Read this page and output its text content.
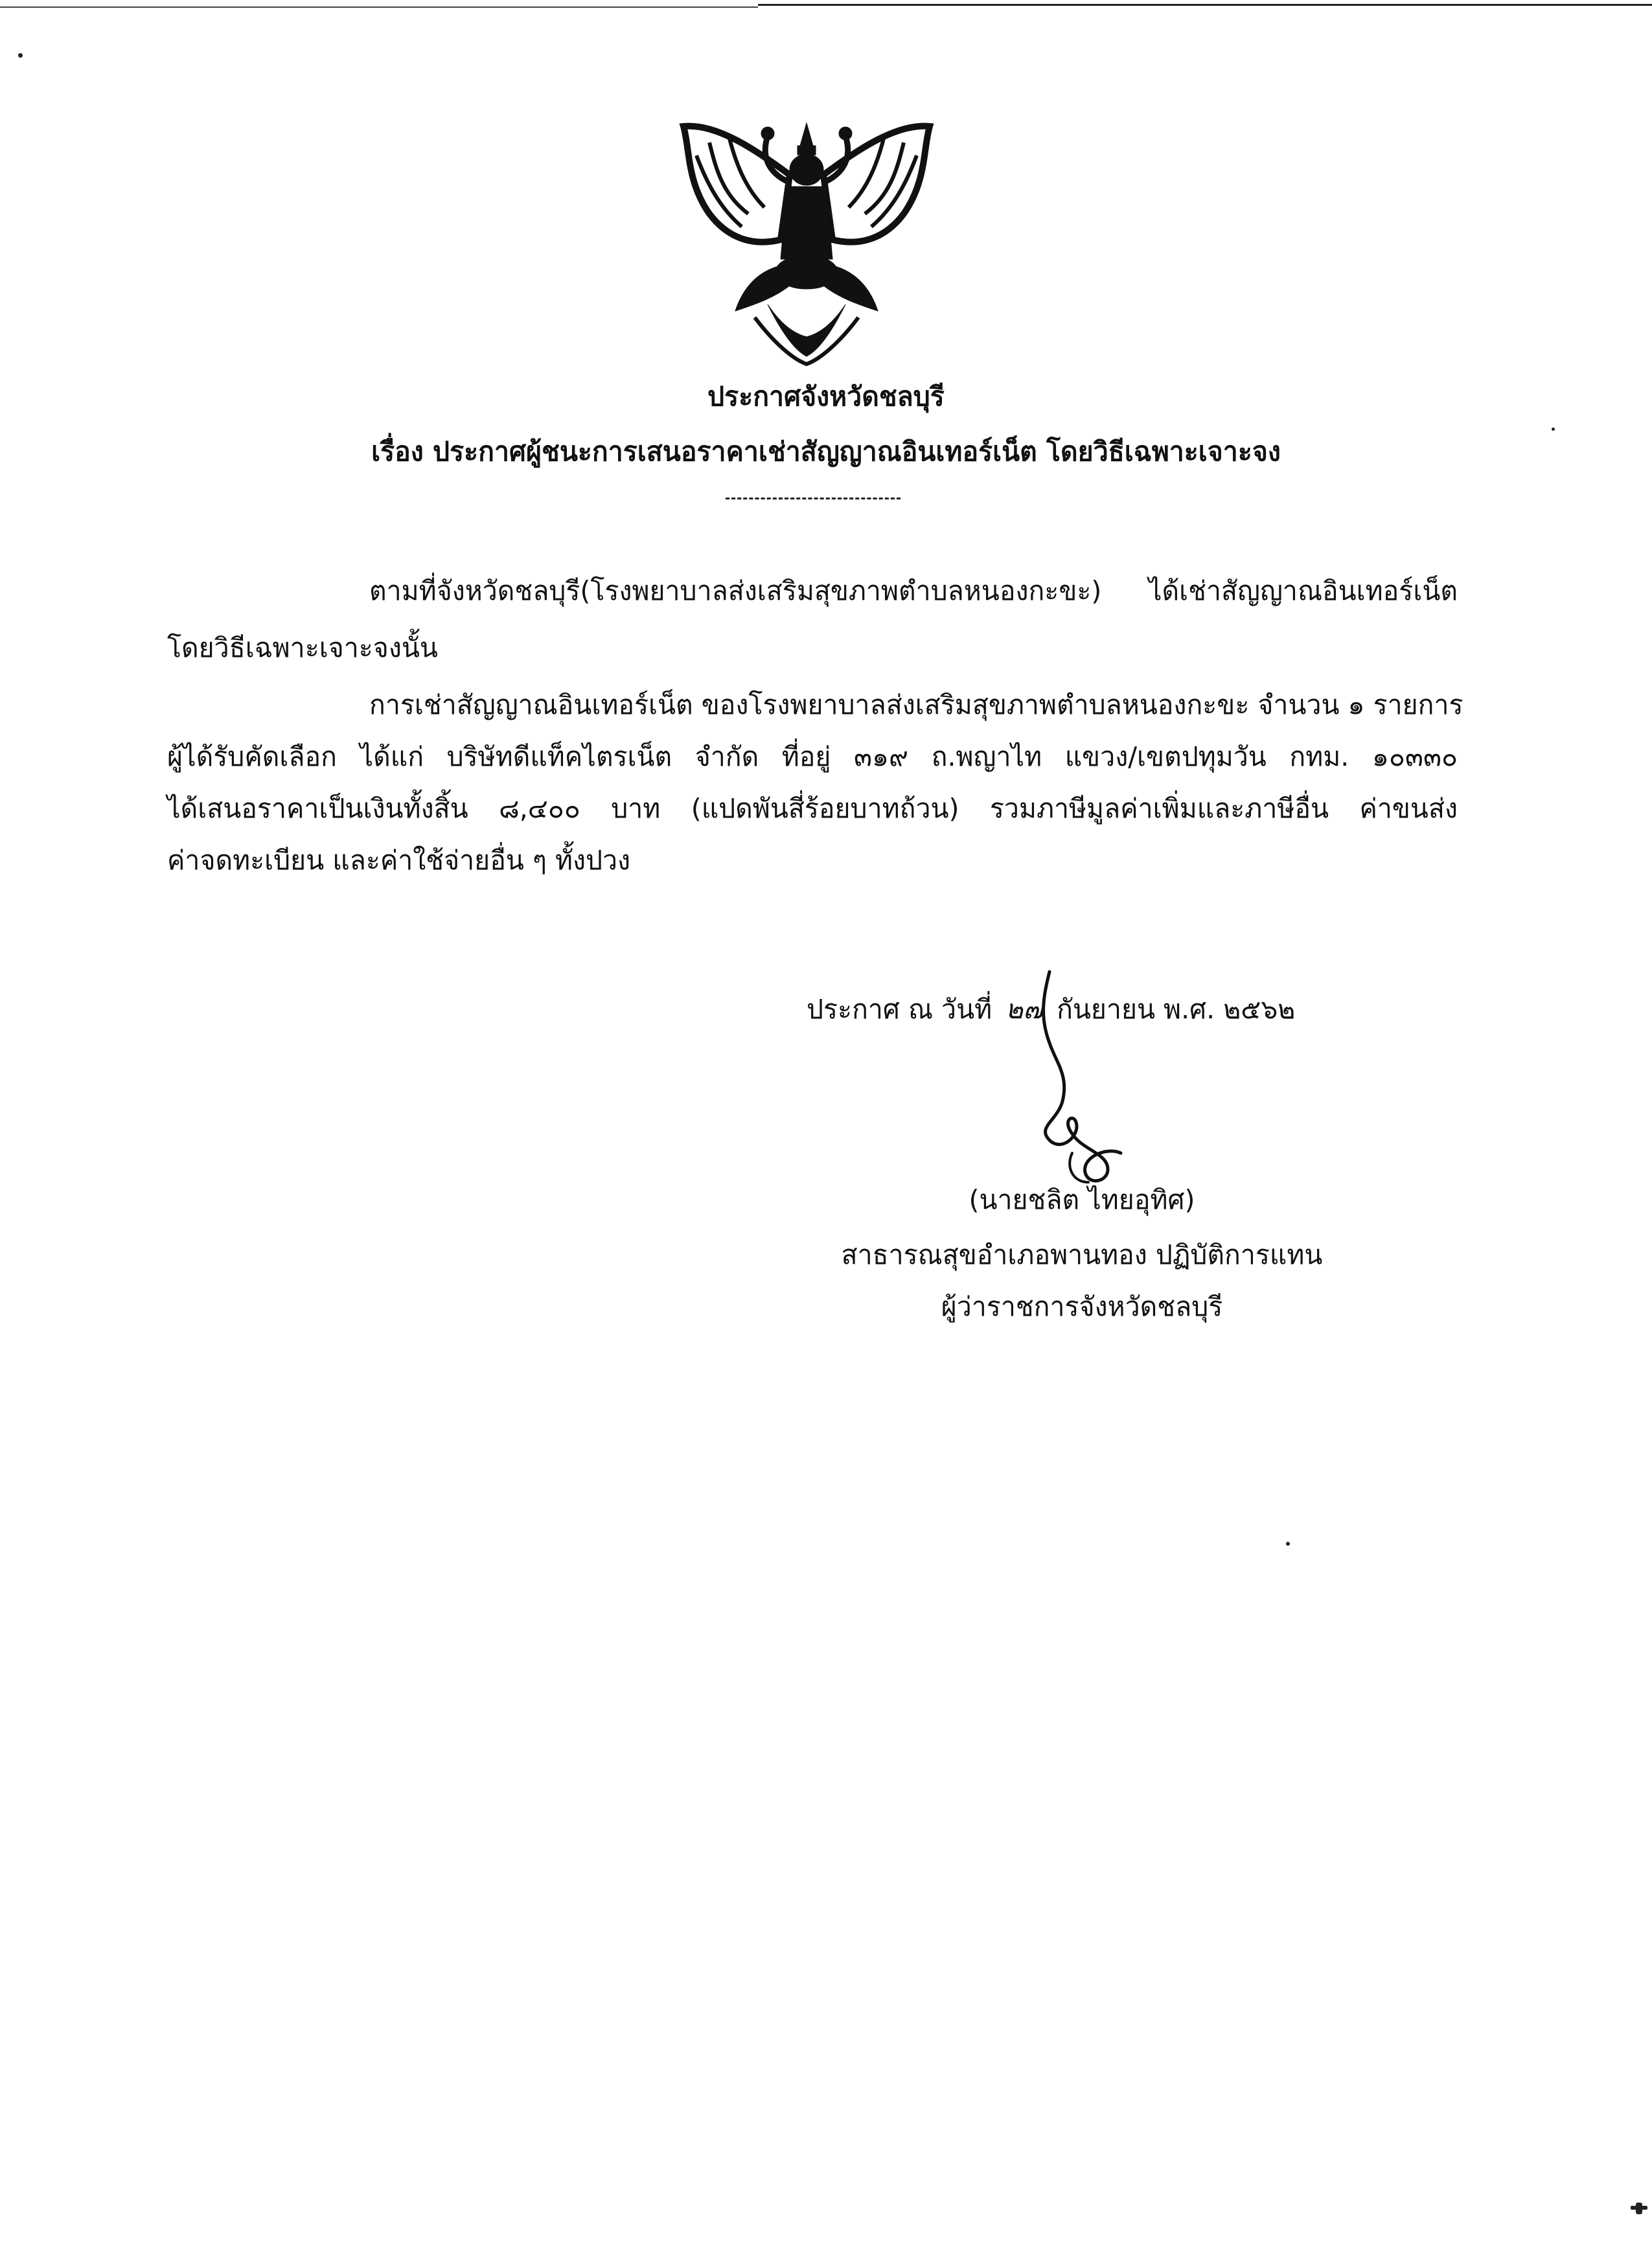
ประกาศจังหวัดชลบุรี
เรื่อง ประกาศผู้ชนะการเสนอราคาเช่าสัญญาณอินเทอร์เน็ต โดยวิธีเฉพาะเจาะจง
ตามที่จังหวัดชลบุรี(โรงพยาบาลส่งเสริมสุขภาพตำบลหนองกะขะ) ได้เช่าสัญญาณอินเทอร์เน็ต
โดยวิธีเฉพาะเจาะจงนั้น
การเช่าสัญญาณอินเทอร์เน็ต ของโรงพยาบาลส่งเสริมสุขภาพตำบลหนองกะขะ จำนวน ๑ รายการ
ผู้ได้รับคัดเลือก ได้แก่ บริษัทดีแท็คไตรเน็ต จำกัด ที่อยู่ ๓๑๙ ถ.พญาไท แขวง/เขตปทุมวัน กทม. ๑๐๓๓๐
ได้เสนอราคาเป็นเงินทั้งสิ้น ๘,๔๐๐ บาท (แปดพันสี่ร้อยบาทถ้วน) รวมภาษีมูลค่าเพิ่มและภาษีอื่น ค่าขนส่ง
ค่าจดทะเบียน และค่าใช้จ่ายอื่น ๆ ทั้งปวง
ประกาศ ณ วันที่ ๒๗ กันยายน พ.ศ. ๒๕๖๒
(นายชลิต ไทยอุทิศ)
สาธารณสุขอำเภอพานทอง ปฏิบัติการแทน
ผู้ว่าราชการจังหวัดชลบุรี
